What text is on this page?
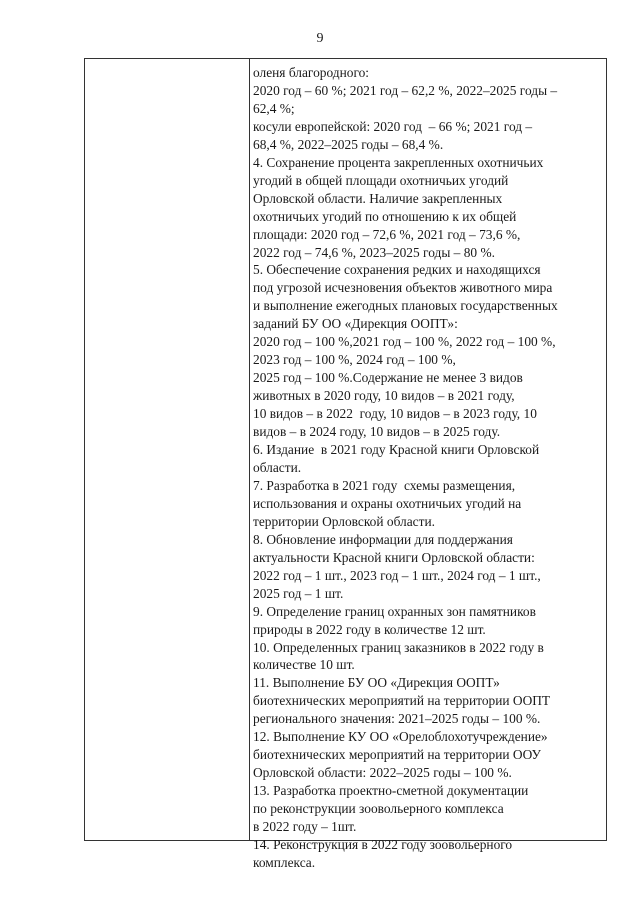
9
оленя благородного:
2020 год – 60 %; 2021 год – 62,2 %, 2022–2025 годы –
62,4 %;
косули европейской: 2020 год  – 66 %; 2021 год –
68,4 %, 2022–2025 годы – 68,4 %.
4. Сохранение процента закрепленных охотничьих
угодий в общей площади охотничьих угодий
Орловской области. Наличие закрепленных
охотничьих угодий по отношению к их общей
площади: 2020 год – 72,6 %, 2021 год – 73,6 %,
2022 год – 74,6 %, 2023–2025 годы – 80 %.
5. Обеспечение сохранения редких и находящихся
под угрозой исчезновения объектов животного мира
и выполнение ежегодных плановых государственных
заданий БУ ОО «Дирекция ООПТ»:
2020 год – 100 %,2021 год – 100 %, 2022 год – 100 %,
2023 год – 100 %, 2024 год – 100 %,
2025 год – 100 %.Содержание не менее 3 видов
животных в 2020 году, 10 видов – в 2021 году,
10 видов – в 2022  году, 10 видов – в 2023 году, 10
видов – в 2024 году, 10 видов – в 2025 году.
6. Издание  в 2021 году Красной книги Орловской
области.
7. Разработка в 2021 году  схемы размещения,
использования и охраны охотничьих угодий на
территории Орловской области.
8. Обновление информации для поддержания
актуальности Красной книги Орловской области:
2022 год – 1 шт., 2023 год – 1 шт., 2024 год – 1 шт.,
2025 год – 1 шт.
9. Определение границ охранных зон памятников
природы в 2022 году в количестве 12 шт.
10. Определенных границ заказников в 2022 году в
количестве 10 шт.
11. Выполнение БУ ОО «Дирекция ООПТ»
биотехнических мероприятий на территории ООПТ
регионального значения: 2021–2025 годы – 100 %.
12. Выполнение КУ ОО «Орелоблохотучреждение»
биотехнических мероприятий на территории ООУ
Орловской области: 2022–2025 годы – 100 %.
13. Разработка проектно-сметной документации
по реконструкции зоовольерного комплекса
в 2022 году – 1шт.
14. Реконструкция в 2022 году зоовольерного
комплекса.
